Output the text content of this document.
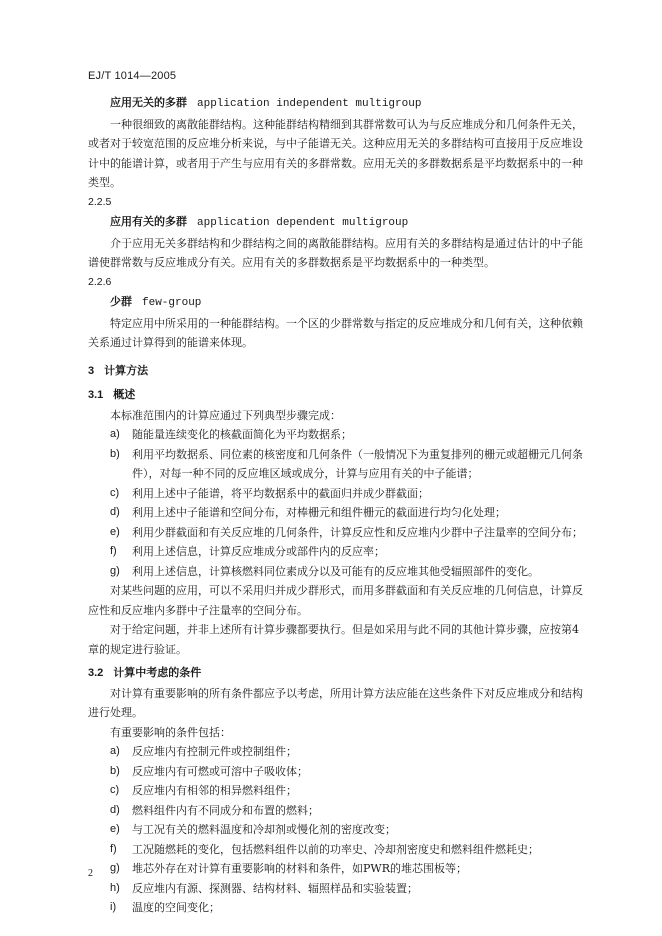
EJ/T 1014—2005
应用无关的多群 application independent multigroup
一种很细致的离散能群结构。这种能群结构精细到其群常数可认为与反应堆成分和几何条件无关，或者对于较宽范围的反应堆分析来说，与中子能谱无关。这种应用无关的多群结构可直接用于反应堆设计中的能谱计算，或者用于产生与应用有关的多群常数。应用无关的多群数据系是平均数据系中的一种类型。
2.2.5
应用有关的多群 application dependent multigroup
介于应用无关多群结构和少群结构之间的离散能群结构。应用有关的多群结构是通过估计的中子能谱使群常数与反应堆成分有关。应用有关的多群数据系是平均数据系中的一种类型。
2.2.6
少群 few-group
特定应用中所采用的一种能群结构。一个区的少群常数与指定的反应堆成分和几何有关，这种依赖关系通过计算得到的能谱来体现。
3 计算方法
3.1 概述
本标准范围内的计算应通过下列典型步骤完成：
a)	随能量连续变化的核截面简化为平均数据系；
b)	利用平均数据系、同位素的核密度和几何条件（一般情况下为重复排列的栅元或超栅元几何条件），对每一种不同的反应堆区域或成分，计算与应用有关的中子能谱；
c)	利用上述中子能谱，将平均数据系中的截面归并成少群截面；
d)	利用上述中子能谱和空间分布，对棒栅元和组件栅元的截面进行均匀化处理；
e)	利用少群截面和有关反应堆的几何条件，计算反应性和反应堆内少群中子注量率的空间分布；
f)	利用上述信息，计算反应堆成分或部件内的反应率；
g)	利用上述信息，计算核燃料同位素成分以及可能有的反应堆其他受辐照部件的变化。
对某些问题的应用，可以不采用归并成少群形式，而用多群截面和有关反应堆的几何信息，计算反应性和反应堆内多群中子注量率的空间分布。
对于给定问题，并非上述所有计算步骤都要执行。但是如采用与此不同的其他计算步骤，应按第4章的规定进行验证。
3.2 计算中考虑的条件
对计算有重要影响的所有条件都应予以考虑，所用计算方法应能在这些条件下对反应堆成分和结构进行处理。
有重要影响的条件包括：
a)	反应堆内有控制元件或控制组件；
b)	反应堆内有可燃或可溶中子吸收体；
c)	反应堆内有相邻的相异燃料组件；
d)	燃料组件内有不同成分和布置的燃料；
e)	与工况有关的燃料温度和冷却剂或慢化剂的密度改变；
f)	工况随燃耗的变化，包括燃料组件以前的功率史、冷却剂密度史和燃料组件燃耗史；
g)	堆芯外存在对计算有重要影响的材料和条件，如PWR的堆芯围板等；
h)	反应堆内有源、探测器、结构材料、辐照样品和实验装置；
i)	温度的空间变化；
2
